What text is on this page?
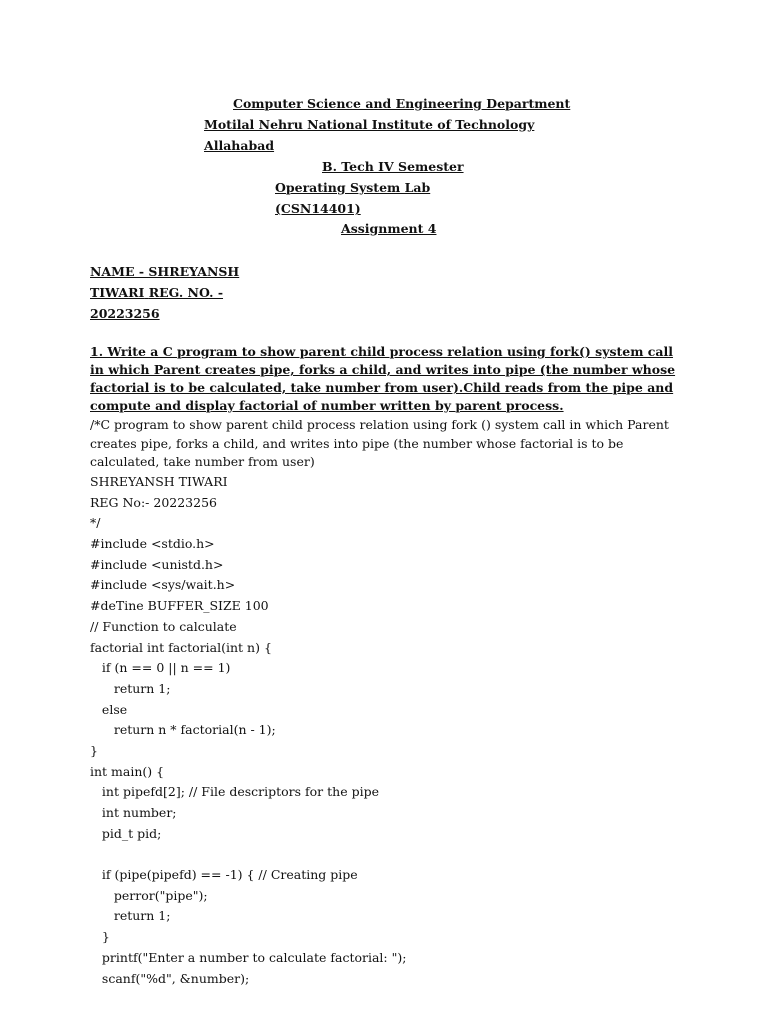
Computer Science and Engineering Department
Motilal Nehru National Institute of Technology
Allahabad
B. Tech IV Semester
Operating System Lab
(CSN14401)
Assignment 4
NAME - SHREYANSH
TIWARI REG. NO. -
20223256
1. Write a C program to show parent child process relation using fork() system call in which Parent creates pipe, forks a child, and writes into pipe (the number whose factorial is to be calculated, take number from user).Child reads from the pipe and compute and display factorial of number written by parent process.
/*C program to show parent child process relation using fork () system call in which Parent creates pipe, forks a child, and writes into pipe (the number whose factorial is to be calculated, take number from user)
SHREYANSH TIWARI
REG No:- 20223256
*/
#include <stdio.h>
#include <unistd.h>
#include <sys/wait.h>
#deTine BUFFER_SIZE 100
// Function to calculate
factorial int factorial(int n) {
if (n == 0 || n == 1)
return 1;
else
return n * factorial(n - 1);
}
int main() {
int pipefd[2]; // File descriptors for the pipe
int number;
pid_t pid;
if (pipe(pipefd) == -1) { // Creating pipe
perror("pipe");
return 1;
}
printf("Enter a number to calculate factorial: ");
scanf("%d", &number);
